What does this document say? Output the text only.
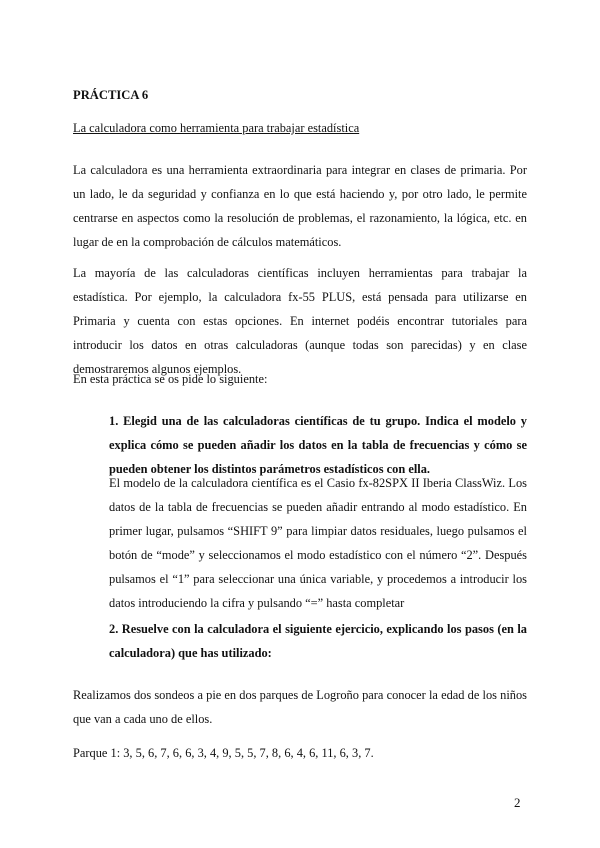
PRÁCTICA 6

La calculadora como herramienta para trabajar estadística

La calculadora es una herramienta extraordinaria para integrar en clases de primaria. Por un lado, le da seguridad y confianza en lo que está haciendo y, por otro lado, le permite centrarse en aspectos como la resolución de problemas, el razonamiento, la lógica, etc. en lugar de en la comprobación de cálculos matemáticos.

La mayoría de las calculadoras científicas incluyen herramientas para trabajar la estadística. Por ejemplo, la calculadora fx-55 PLUS, está pensada para utilizarse en Primaria y cuenta con estas opciones. En internet podéis encontrar tutoriales para introducir los datos en otras calculadoras (aunque todas son parecidas) y en clase demostraremos algunos ejemplos.

En esta práctica se os pide lo siguiente:

1. Elegid una de las calculadoras científicas de tu grupo. Indica el modelo y explica cómo se pueden añadir los datos en la tabla de frecuencias y cómo se pueden obtener los distintos parámetros estadísticos con ella.

El modelo de la calculadora científica es el Casio fx-82SPX II Iberia ClassWiz. Los datos de la tabla de frecuencias se pueden añadir entrando al modo estadístico. En primer lugar, pulsamos “SHIFT 9” para limpiar datos residuales, luego pulsamos el botón de “mode” y seleccionamos el modo estadístico con el número “2”. Después pulsamos el “1” para seleccionar una única variable, y procedemos a introducir los datos introduciendo la cifra y pulsando “=” hasta completar

2. Resuelve con la calculadora el siguiente ejercicio, explicando los pasos (en la calculadora) que has utilizado:

Realizamos dos sondeos a pie en dos parques de Logroño para conocer la edad de los niños que van a cada uno de ellos.

Parque 1: 3, 5, 6, 7, 6, 6, 3, 4, 9, 5, 5, 7, 8, 6, 4, 6, 11, 6, 3, 7.

2
